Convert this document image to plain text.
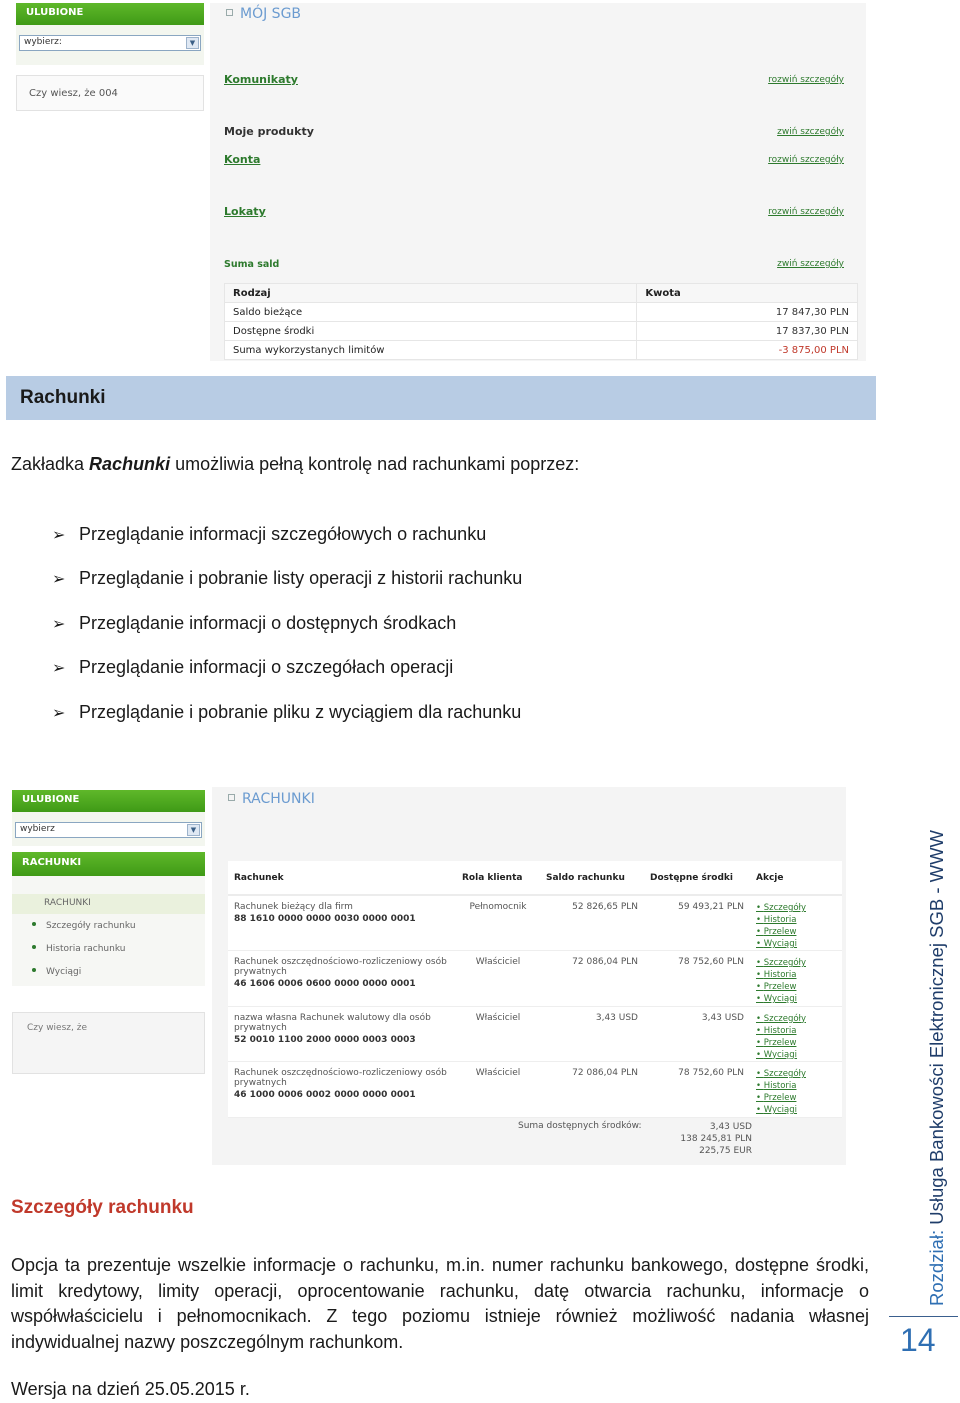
ULUBIONE
wybierz:	▼
Czy wiesz, że 004
MÓJ SGB
Komunikaty	rozwiń szczegóły
Moje produkty	zwiń szczegóły
Konta	rozwiń szczegóły
Lokaty	rozwiń szczegóły
Suma sald	zwiń szczegóły
Rodzaj	Kwota
Saldo bieżące	17 847,30 PLN
Dostępne środki	17 837,30 PLN
Suma wykorzystanych limitów	-3 875,00 PLN
Rachunki
Zakładka Rachunki umożliwia pełną kontrolę nad rachunkami poprzez:
➢ Przeglądanie informacji szczegółowych o rachunku
➢ Przeglądanie i pobranie listy operacji z historii rachunku
➢ Przeglądanie informacji o dostępnych środkach
➢ Przeglądanie informacji o szczegółach operacji
➢ Przeglądanie i pobranie pliku z wyciągiem dla rachunku
ULUBIONE
wybierz	▼
RACHUNKI
RACHUNKI
Szczegóły rachunku
Historia rachunku
Wyciągi
Czy wiesz, że
RACHUNKI
Rachunek	Rola klienta	Saldo rachunku	Dostępne środki	Akcje
Rachunek bieżący dla firm
88 1610 0000 0000 0030 0000 0001	Pełnomocnik	52 826,65 PLN	59 493,21 PLN	• Szczegóły
• Historia
• Przelew
• Wyciągi

Rachunek oszczędnościowo-rozliczeniowy osób prywatnych
46 1606 0006 0600 0000 0000 0001	Właściciel	72 086,04 PLN	78 752,60 PLN	• Szczegóły
• Historia
• Przelew
• Wyciągi

nazwa własna Rachunek walutowy dla osób prywatnych
52 0010 1100 2000 0000 0003 0003	Właściciel	3,43 USD	3,43 USD	• Szczegóły
• Historia
• Przelew
• Wyciągi

Rachunek oszczędnościowo-rozliczeniowy osób prywatnych
46 1000 0006 0002 0000 0000 0001	Właściciel	72 086,04 PLN	78 752,60 PLN	• Szczegóły
• Historia
• Przelew
• Wyciągi
Suma dostępnych środków:	3,43 USD
138 245,81 PLN
225,75 EUR
Szczegóły rachunku
Opcja ta prezentuje wszelkie informacje o rachunku, m.in. numer rachunku bankowego, dostępne środki, limit kredytowy, limity operacji, oprocentowanie rachunku, datę otwarcia rachunku, informacje o współwłaścicielu i pełnomocnikach. Z tego poziomu istnieje również możliwość nadania własnej indywidualnej nazwy poszczególnym rachunkom.
Wersja na dzień 25.05.2015 r.
Rozdział: Usługa Bankowości Elektronicznej SGB - WWW
14
